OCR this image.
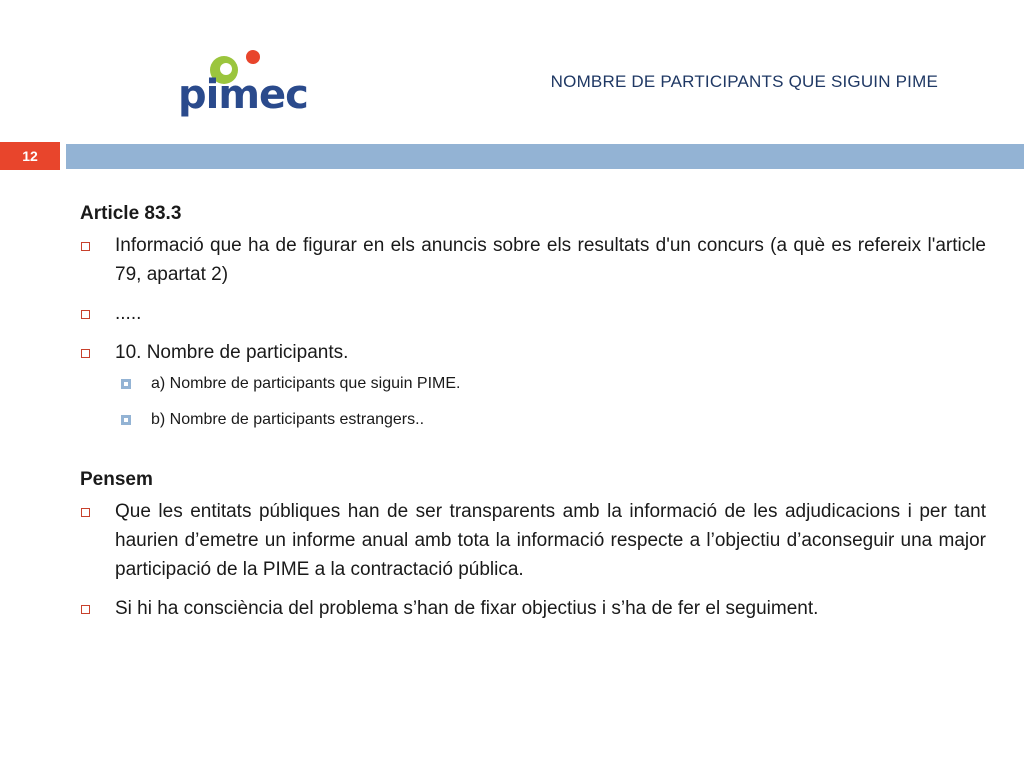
pimec	NOMBRE DE PARTICIPANTS QUE SIGUIN PIME
12
Article 83.3
Informació que ha de figurar en els anuncis sobre els resultats d'un concurs (a què es refereix l'article 79, apartat 2)
.....
10. Nombre de participants.
a) Nombre de participants que siguin PIME.
b) Nombre de participants estrangers..
Pensem
Que les entitats públiques han de ser transparents amb la informació de les adjudicacions i per tant haurien d’emetre un informe anual amb tota la informació respecte a l’objectiu d’aconseguir una major participació de la PIME a la contractació pública.
Si hi ha consciència del problema s’han de fixar objectius i s’ha de fer el seguiment.
